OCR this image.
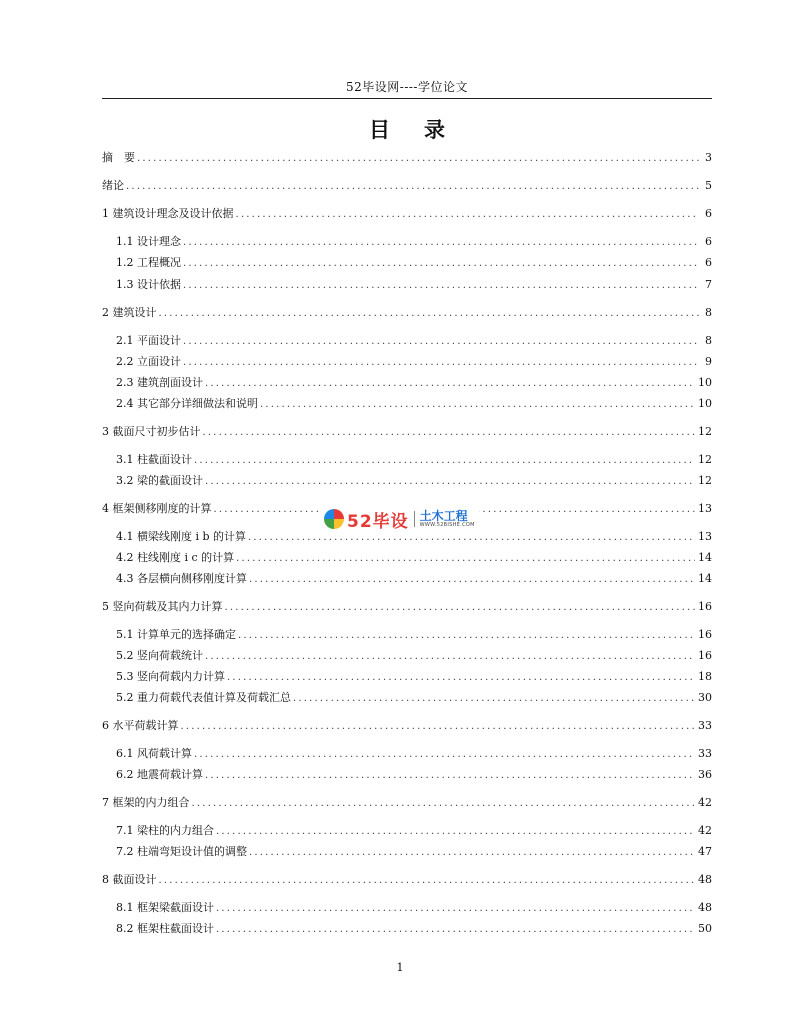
52毕设网----学位论文
目录
摘　要 .....	3
绪论 .....	5
1 建筑设计理念及设计依据 .....	6
1.1 设计理念 .....	6
1.2 工程概况 .....	6
1.3 设计依据 .....	7
2 建筑设计 .....	8
2.1 平面设计 .....	8
2.2 立面设计 .....	9
2.3 建筑剖面设计 .....	10
2.4 其它部分详细做法和说明 .....	10
3 截面尺寸初步估计 .....	12
3.1 柱截面设计 .....	12
3.2 梁的截面设计 .....	12
4 框架侧移刚度的计算 .....	13
4.1 横梁线刚度 i b 的计算 .....	13
4.2 柱线刚度 i c 的计算 .....	14
4.3 各层横向侧移刚度计算 .....	14
5 竖向荷载及其内力计算 .....	16
5.1 计算单元的选择确定 .....	16
5.2 竖向荷载统计 .....	16
5.3 竖向荷载内力计算 .....	18
5.2 重力荷载代表值计算及荷载汇总 .....	30
6 水平荷载计算 .....	33
6.1 风荷载计算 .....	33
6.2 地震荷载计算 .....	36
7 框架的内力组合 .....	42
7.1 梁柱的内力组合 .....	42
7.2 柱端弯矩设计值的调整 .....	47
8 截面设计 .....	48
8.1 框架梁截面设计 .....	48
8.2 框架柱截面设计 .....	50
52毕设 土木工程
WWW.52BISHE.COM
1
